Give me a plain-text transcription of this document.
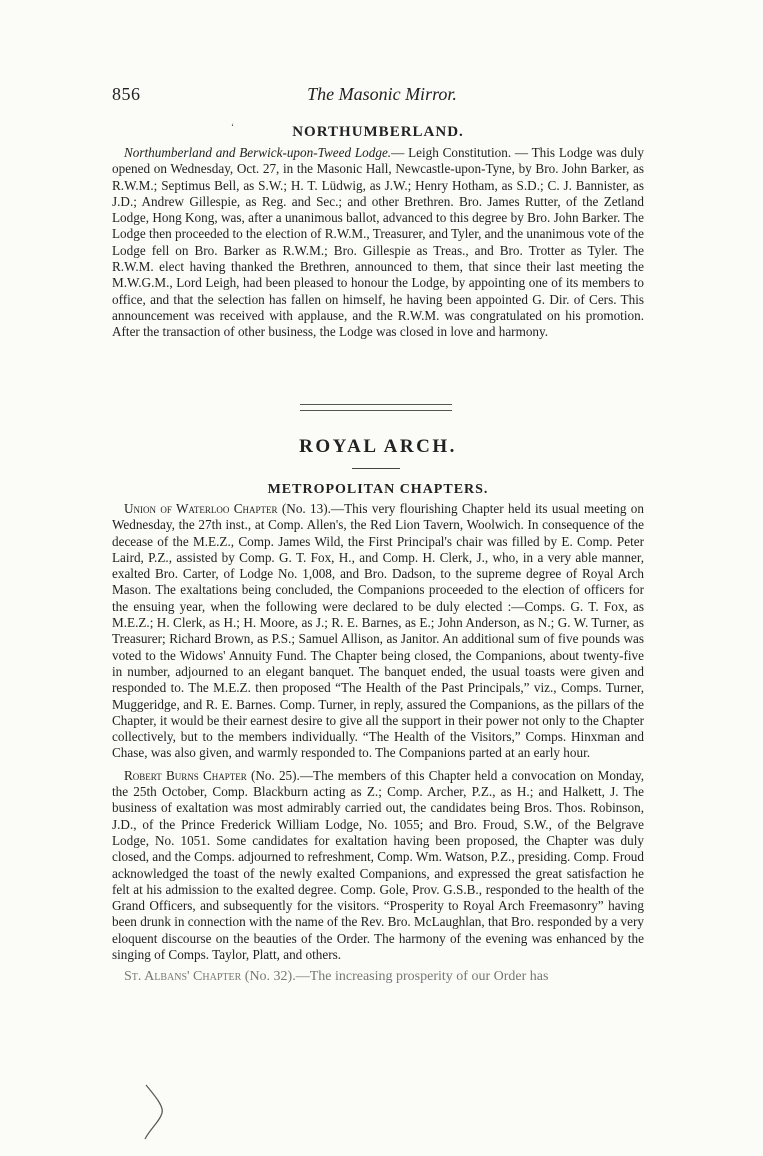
856	The Masonic Mirror.
ʻ	NORTHUMBERLAND.

Northumberland and Berwick-upon-Tweed Lodge.— Leigh Constitution. — This Lodge was duly opened on Wednesday, Oct. 27, in the Masonic Hall, Newcastle-upon-Tyne, by Bro. John Barker, as R.W.M.; Septimus Bell, as S.W.; H. T. Lüdwig, as J.W.; Henry Hotham, as S.D.; C. J. Bannister, as J.D.; Andrew Gillespie, as Reg. and Sec.; and other Brethren. Bro. James Rutter, of the Zetland Lodge, Hong Kong, was, after a unanimous ballot, advanced to this degree by Bro. John Barker. The Lodge then proceeded to the election of R.W.M., Treasurer, and Tyler, and the unanimous vote of the Lodge fell on Bro. Barker as R.W.M.; Bro. Gillespie as Treas., and Bro. Trotter as Tyler. The R.W.M. elect having thanked the Brethren, announced to them, that since their last meeting the M.W.G.M., Lord Leigh, had been pleased to honour the Lodge, by appointing one of its members to office, and that the selection has fallen on himself, he having been appointed G. Dir. of Cers. This announcement was received with applause, and the R.W.M. was congratulated on his promotion. After the transaction of other business, the Lodge was closed in love and harmony.

ROYAL ARCH.
METROPOLITAN CHAPTERS.

Union of Waterloo Chapter (No. 13).—This very flourishing Chapter held its usual meeting on Wednesday, the 27th inst., at Comp. Allen's, the Red Lion Tavern, Woolwich. In consequence of the decease of the M.E.Z., Comp. James Wild, the First Principal's chair was filled by E. Comp. Peter Laird, P.Z., assisted by Comp. G. T. Fox, H., and Comp. H. Clerk, J., who, in a very able manner, exalted Bro. Carter, of Lodge No. 1,008, and Bro. Dadson, to the supreme degree of Royal Arch Mason. The exaltations being concluded, the Companions proceeded to the election of officers for the ensuing year, when the following were declared to be duly elected :—Comps. G. T. Fox, as M.E.Z.; H. Clerk, as H.; H. Moore, as J.; R. E. Barnes, as E.; John Anderson, as N.; G. W. Turner, as Treasurer; Richard Brown, as P.S.; Samuel Allison, as Janitor. An additional sum of five pounds was voted to the Widows' Annuity Fund. The Chapter being closed, the Companions, about twenty-five in number, adjourned to an elegant banquet. The banquet ended, the usual toasts were given and responded to. The M.E.Z. then proposed “The Health of the Past Principals,” viz., Comps. Turner, Muggeridge, and R. E. Barnes. Comp. Turner, in reply, assured the Companions, as the pillars of the Chapter, it would be their earnest desire to give all the support in their power not only to the Chapter collectively, but to the members individually. “The Health of the Visitors,” Comps. Hinxman and Chase, was also given, and warmly responded to. The Companions parted at an early hour.

Robert Burns Chapter (No. 25).—The members of this Chapter held a convocation on Monday, the 25th October, Comp. Blackburn acting as Z.; Comp. Archer, P.Z., as H.; and Halkett, J. The business of exaltation was most admirably carried out, the candidates being Bros. Thos. Robinson, J.D., of the Prince Frederick William Lodge, No. 1055; and Bro. Froud, S.W., of the Belgrave Lodge, No. 1051. Some candidates for exaltation having been proposed, the Chapter was duly closed, and the Comps. adjourned to refreshment, Comp. Wm. Watson, P.Z., presiding. Comp. Froud acknowledged the toast of the newly exalted Companions, and expressed the great satisfaction he felt at his admission to the exalted degree. Comp. Gole, Prov. G.S.B., responded to the health of the Grand Officers, and subsequently for the visitors. “Prosperity to Royal Arch Freemasonry” having been drunk in connection with the name of the Rev. Bro. McLaughlan, that Bro. responded by a very eloquent discourse on the beauties of the Order. The harmony of the evening was enhanced by the singing of Comps. Taylor, Platt, and others.

St. Albans' Chapter (No. 32).—The increasing prosperity of our Order has
